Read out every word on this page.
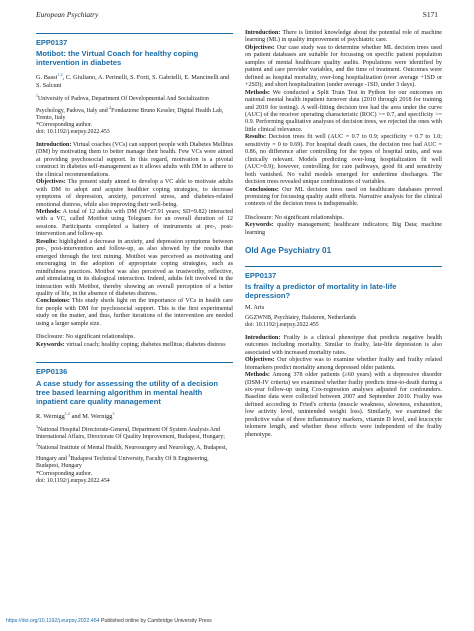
European Psychiatry	S171
EPP0137
Motibot: the Virtual Coach for healthy coping intervention in diabetes
G. Bassi$^{1,2}$, C. Giuliano, A. Perinelli, S. Forti, S. Gabrielli, E. Mancinelli and S. Salcuni
$^1$University of Padova, Department Of Developmental And Socialization Psychology, Padova, Italy and $^2$Fondazione Bruno Kessler, Digital Health Lab, Trento, Italy
*Corresponding author.
doi: 10.1192/j.eurpsy.2022.453

Introduction: Virtual coaches (VCs) can support people with Diabetes Mellitus (DM) by motivating them to better manage their health. Few VCs were aimed at providing psychosocial support. In this regard, motivation is a pivotal construct in diabetes self-management as it allows adults with DM to adhere to the clinical recommendations.

Objectives: The present study aimed to develop a VC able to motivate adults with DM to adopt and acquire healthier coping strategies, to decrease symptoms of depression, anxiety, perceived stress, and diabetes-related emotional distress, while also improving their well-being.

Methods: A total of 12 adults with DM (M=27.91 years; SD=9.82) interacted with a VC, called Motibot using Telegram for an overall duration of 12 sessions. Participants completed a battery of instruments at pre-, post-intervention and follow-up.

Results: highlighted a decrease in anxiety, and depression symptoms between pre-, post-intervention and follow-up, as also showed by the results that emerged through the text mining. Motibot was perceived as motivating and encouraging in the adoption of appropriate coping strategies, such as mindfulness practices. Motibot was also perceived as trustworthy, reflective, and stimulating in its dialogical interaction. Indeed, adults felt involved in the interaction with Motibot, thereby showing an overall perception of a better quality of life, in the absence of diabetes distress.

Conclusions: This study sheds light on the importance of VCs in health care for people with DM for psychosocial support. This is the first experimental study on the matter, and thus, further iterations of the intervention are needed using a larger sample size.

Disclosure: No significant relationships.

Keywords: virtual coach; healthy coping; diabetes mellitus; diabetes distress

EPP0136
A case study for assessing the utility of a decision tree based learning algorithm in mental health inpatient care quality management
R. Wernigg$^{1,2}$ and M. Wernigg$^3$
$^1$National Hospital Directorate-General, Department Of System Analysis And International Affairs, Directorate Of Quality Improvement, Budapest, Hungary; $^2$National Institute of Mental Health, Neurosurgery and Neurology, A, Budapest, Hungary and $^3$Budapest Technical University, Faculty Of It Engineering, Budapest, Hungary
*Corresponding author.
doi: 10.1192/j.eurpsy.2022.454

Introduction: There is limited knowledge about the potential role of machine learning (ML) in quality improvement of psychiatric care.

Objectives: Our case study was to determine whether ML decision trees used on patient databases are suitable for focussing on specific patient population samples of mental healthcare quality audits. Populations were identified by patient and care provider variables, and the time of treatment. Outcomes were defined as hospital mortality, over-long hospitalization (over average +1SD or +2SD); and short hospitalization (under average -1SD, under 3 days).

Methods: We conducted a Split Train Test in Python for our outcomes on national mental health inpatient turnover data (2010 through 2018 for training and 2019 for testing). A well-fitting decision tree had the area under the curve (AUC) of the receiver operating characteristic (ROC) >= 0.7, and specificity >= 0.9. Performing qualitative analyses of decision trees, we rejected the ones with little clinical relevance.

Results: Decision trees fit well (AUC = 0.7 to 0.9; specificity = 0.7 to 1.0; sensitivity = 0 to 0.69). For hospital death cases, the decision tree had AUC = 0.86, no difference after controlling for the types of hospital units, and was clinically relevant. Models predicting over-long hospitalization fit well (AUC=0.9); however, controlling for care pathways, good fit and sensitivity both vanished. No valid models emerged for undertime discharges. The decision trees revealed unique combinations of variables.

Conclusions: Our ML decision trees used on healthcare databases proved promising for focussing quality audit efforts. Narrative analysis for the clinical contexts of the decision trees is indispensable.

Disclosure: No significant relationships.

Keywords: quality management; healthcare indicators; Big Data; machine learning

Old Age Psychiatry 01
EPP0137
Is frailty a predictor of mortality in late-life depression?
M. Arts
GGZWNB, Psychiatry, Halsteren, Netherlands
doi: 10.1192/j.eurpsy.2022.455

Introduction: Frailty is a clinical phenotype that predicts negative health outcomes including mortality. Similar to frailty, late-life depression is also associated with increased mortality rates.

Objectives: Our objective was to examine whether frailty and frailty related biomarkers predict mortality among depressed older patients.

Methods: Among 378 older patients (≥60 years) with a depressive disorder (DSM-IV criteria) we examined whether frailty predicts time-to-death during a six-year follow-up using Cox-regression analyses adjusted for confounders. Baseline data were collected between 2007 and September 2010. Frailty was defined according to Fried's criteria (muscle weakness, slowness, exhaustion, low activity level, unintended weight loss). Similarly, we examined the predictive value of three inflammatory markers, vitamin D level, and leucocyte telomere length, and whether these effects were independent of the frailty phenotype.

https://doi.org/10.1192/j.eurpsy.2022.454 Published online by Cambridge University Press
